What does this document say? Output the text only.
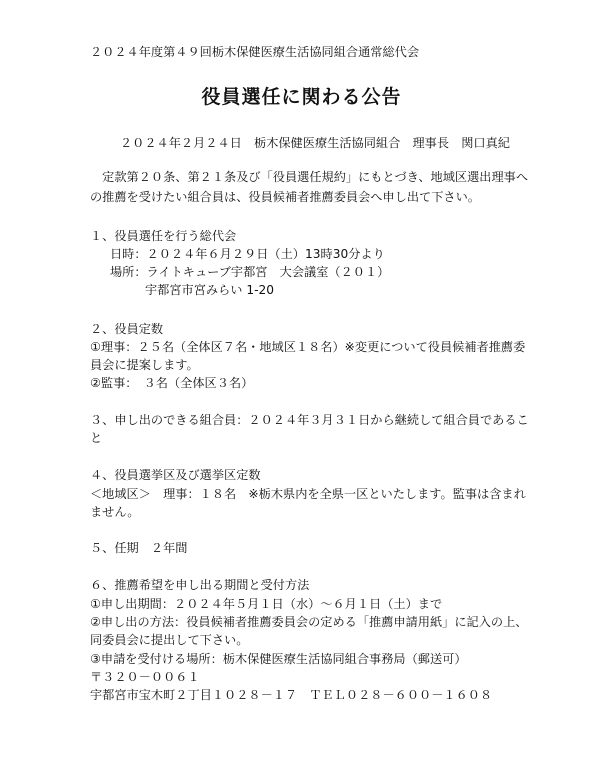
２０２４年度第４９回栃木保健医療生活協同組合通常総代会
役員選任に関わる公告
２０２４年２月２４日　栃木保健医療生活協同組合　理事長　関口真紀
　定款第２０条、第２１条及び「役員選任規約」にもとづき、地域区選出理事へ
の推薦を受けたい組合員は、役員候補者推薦委員会へ申し出て下さい。
１、役員選任を行う総代会
日時：２０２４年６月２９日（土）13時30分より
場所：ライトキューブ宇都宮　大会議室（２０１）
宇都宮市宮みらい 1-20
２、役員定数
①理事：２５名（全体区７名・地域区１８名）※変更について役員候補者推薦委
員会に提案します。
②監事：　３名（全体区３名）
３、申し出のできる組合員：２０２４年３月３１日から継続して組合員であるこ
と
４、役員選挙区及び選挙区定数
＜地域区＞　理事：１８名　※栃木県内を全県一区といたします。監事は含まれ
ません。
５、任期　２年間
６、推薦希望を申し出る期間と受付方法
①申し出期間：２０２４年５月１日（水）～６月１日（土）まで
②申し出の方法：役員候補者推薦委員会の定める「推薦申請用紙」に記入の上、
同委員会に提出して下さい。
③申請を受付ける場所：栃木保健医療生活協同組合事務局（郵送可）
〒３２０－００６１
宇都宮市宝木町２丁目１０２８－１７　ＴＥＬ０２８－６００－１６０８
